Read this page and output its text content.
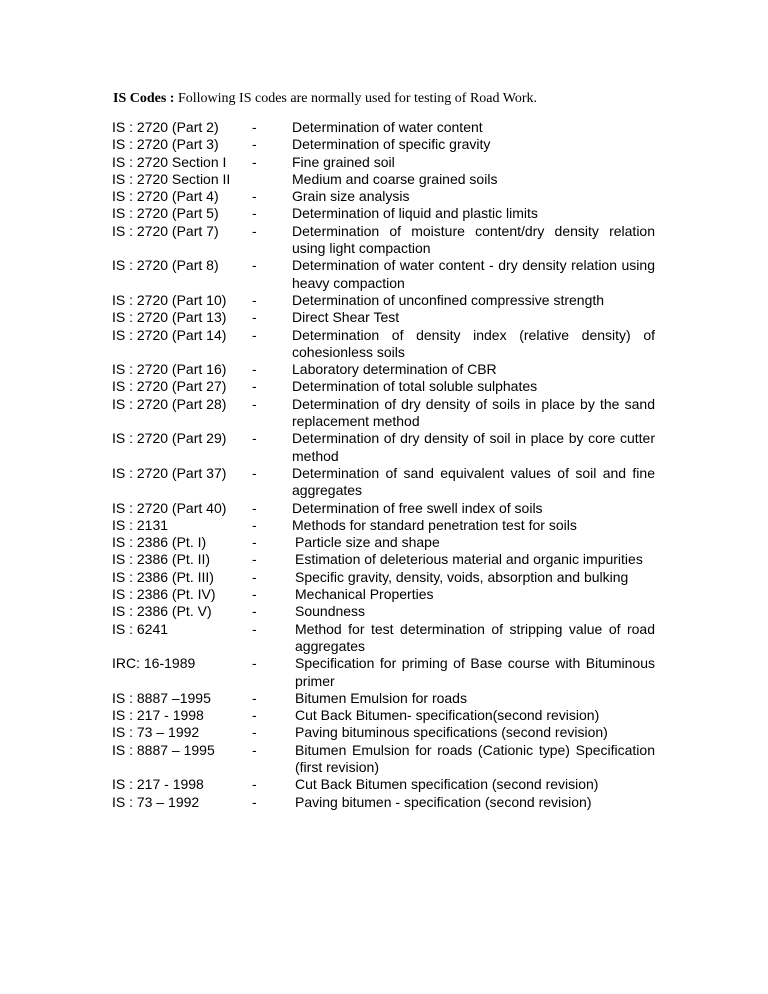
IS Codes : Following IS codes are normally used for testing of Road Work.
IS : 2720 (Part 2)	-	Determination of water content
IS : 2720 (Part 3)	-	Determination of specific gravity
IS : 2720 Section I	-	Fine grained soil
IS : 2720 Section II	Medium and coarse grained soils
IS : 2720 (Part 4)	-	Grain size analysis
IS : 2720 (Part 5)	-	Determination of liquid and plastic limits
IS : 2720 (Part 7)	-	Determination of moisture content/dry density relation using light compaction
IS : 2720 (Part 8)	-	Determination of water content - dry density relation using heavy compaction
IS : 2720 (Part 10)	-	Determination of unconfined compressive strength
IS : 2720 (Part 13)	-	Direct Shear Test
IS : 2720 (Part 14)	-	Determination of density index (relative density) of cohesionless soils
IS : 2720 (Part 16)	-	Laboratory determination of CBR
IS : 2720 (Part 27)	-	Determination of total soluble sulphates
IS : 2720 (Part 28)	-	Determination of dry density of soils in place by the sand replacement method
IS : 2720 (Part 29)	-	Determination of dry density of soil in place by core cutter method
IS : 2720 (Part 37)	-	Determination of sand equivalent values of soil and fine aggregates
IS : 2720 (Part 40)	-	Determination of free swell index of soils
IS : 2131	-	Methods for standard penetration test for soils
IS : 2386 (Pt. I)	-	Particle size and shape
IS : 2386 (Pt. II)	-	Estimation of deleterious material and organic impurities
IS : 2386 (Pt. III)	-	Specific gravity, density, voids, absorption and bulking
IS : 2386 (Pt. IV)	-	Mechanical Properties
IS : 2386 (Pt. V)	-	Soundness
IS : 6241	-	Method for test determination of stripping value of road aggregates
IRC: 16-1989	-	Specification for priming of Base course with Bituminous primer
IS : 8887 –1995	-	Bitumen Emulsion for roads
IS : 217 - 1998	-	Cut Back Bitumen- specification(second revision)
IS : 73 – 1992	-	Paving bituminous specifications (second revision)
IS : 8887 – 1995	-	Bitumen Emulsion for roads (Cationic type) Specification (first revision)
IS : 217 - 1998	-	Cut Back Bitumen specification (second revision)
IS : 73 – 1992	-	Paving bitumen - specification (second revision)
